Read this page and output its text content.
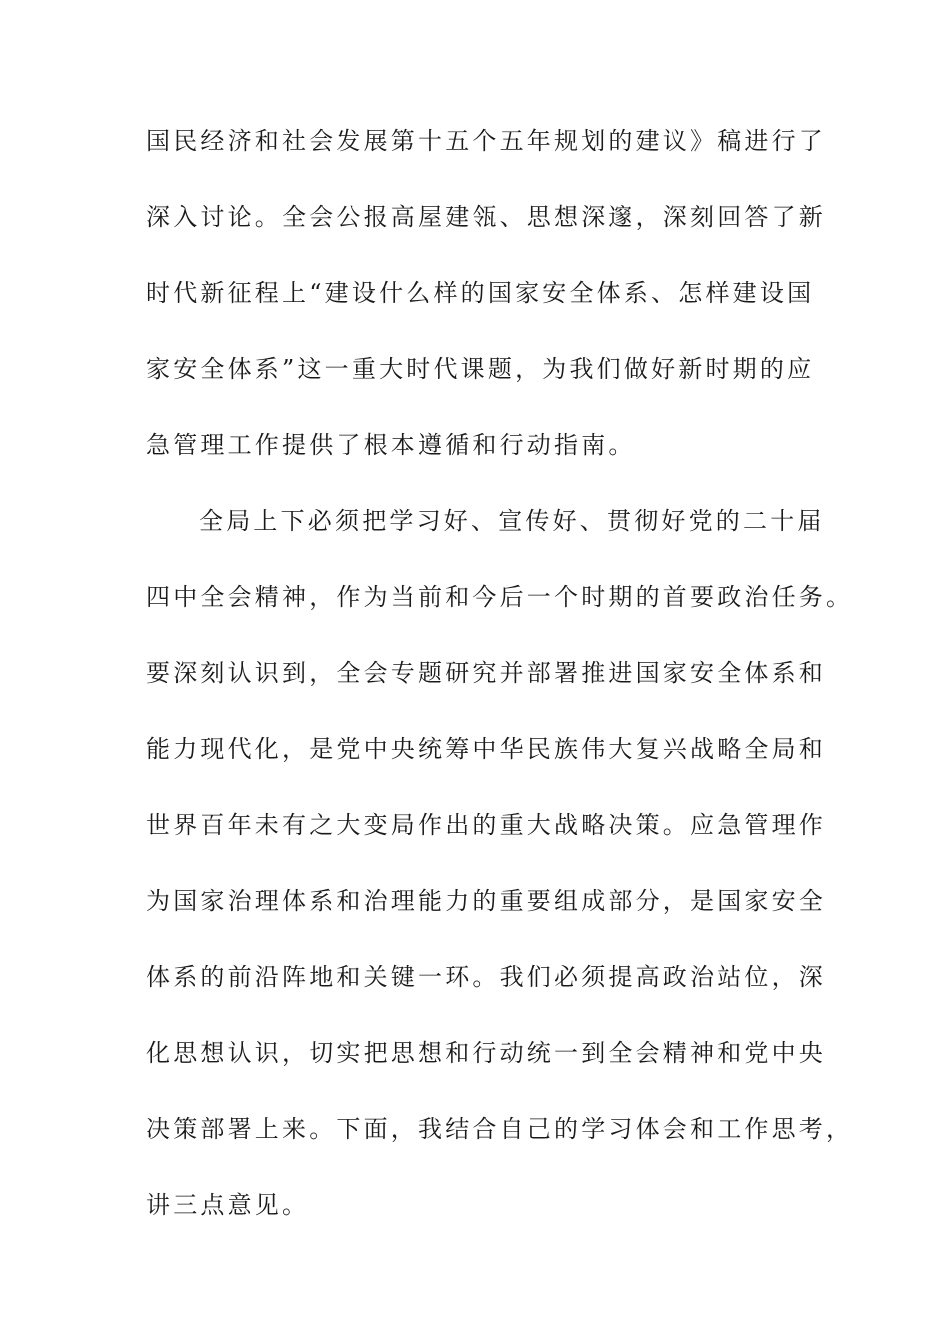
国民经济和社会发展第十五个五年规划的建议》稿进行了
深入讨论。全会公报高屋建瓴、思想深邃，深刻回答了新
时代新征程上“建设什么样的国家安全体系、怎样建设国
家安全体系”这一重大时代课题，为我们做好新时期的应
急管理工作提供了根本遵循和行动指南。
全局上下必须把学习好、宣传好、贯彻好党的二十届
四中全会精神，作为当前和今后一个时期的首要政治任务。
要深刻认识到，全会专题研究并部署推进国家安全体系和
能力现代化，是党中央统筹中华民族伟大复兴战略全局和
世界百年未有之大变局作出的重大战略决策。应急管理作
为国家治理体系和治理能力的重要组成部分，是国家安全
体系的前沿阵地和关键一环。我们必须提高政治站位，深
化思想认识，切实把思想和行动统一到全会精神和党中央
决策部署上来。下面，我结合自己的学习体会和工作思考，
讲三点意见。
